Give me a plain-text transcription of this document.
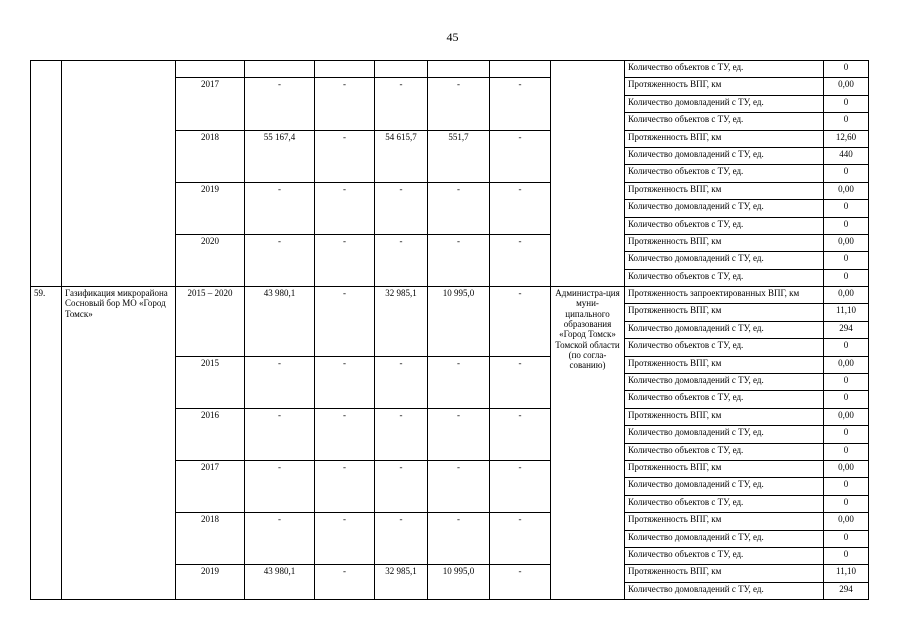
45
									Количество объектов с ТУ, ед.	0
		2017	-	-	-	-	-		Протяженность ВПГ, км	0,00
									Количество домовладений с ТУ, ед.	0
									Количество объектов с ТУ, ед.	0
		2018	55 167,4	-	54 615,7	551,7	-		Протяженность ВПГ, км	12,60
									Количество домовладений с ТУ, ед.	440
									Количество объектов с ТУ, ед.	0
		2019	-	-	-	-	-		Протяженность ВПГ, км	0,00
									Количество домовладений с ТУ, ед.	0
									Количество объектов с ТУ, ед.	0
		2020	-	-	-	-	-		Протяженность ВПГ, км	0,00
									Количество домовладений с ТУ, ед.	0
									Количество объектов с ТУ, ед.	0
59.	Газификация микрорайона Сосновый бор МО «Город Томск»	2015 – 2020	43 980,1	-	32 985,1	10 995,0	-	Администра-ция муни-ципального образования «Город Томск» Томской области (по согла-сованию)	Протяженность запроектированных ВПГ, км	0,00
									Протяженность ВПГ, км	11,10
									Количество домовладений с ТУ, ед.	294
									Количество объектов с ТУ, ед.	0
		2015	-	-	-	-	-		Протяженность ВПГ, км	0,00
									Количество домовладений с ТУ, ед.	0
									Количество объектов с ТУ, ед.	0
		2016	-	-	-	-	-		Протяженность ВПГ, км	0,00
									Количество домовладений с ТУ, ед.	0
									Количество объектов с ТУ, ед.	0
		2017	-	-	-	-	-		Протяженность ВПГ, км	0,00
									Количество домовладений с ТУ, ед.	0
									Количество объектов с ТУ, ед.	0
		2018	-	-	-	-	-		Протяженность ВПГ, км	0,00
									Количество домовладений с ТУ, ед.	0
									Количество объектов с ТУ, ед.	0
		2019	43 980,1	-	32 985,1	10 995,0	-		Протяженность ВПГ, км	11,10
									Количество домовладений с ТУ, ед.	294
